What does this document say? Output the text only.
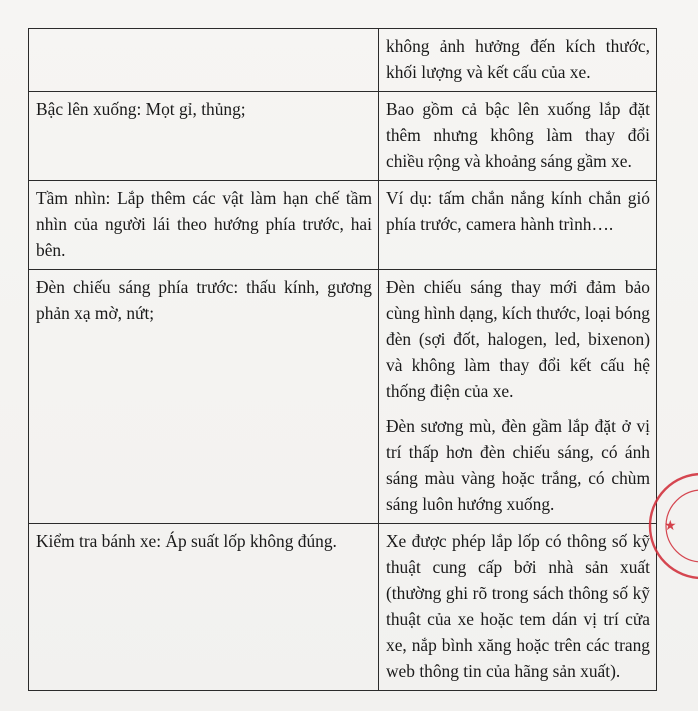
	không ảnh hưởng đến kích thước, khối lượng và kết cấu của xe.

Bậc lên xuống: Mọt gỉ, thủng;	Bao gồm cả bậc lên xuống lắp đặt thêm nhưng không làm thay đổi chiều rộng và khoảng sáng gầm xe.

Tầm nhìn: Lắp thêm các vật làm hạn chế tầm nhìn của người lái theo hướng phía trước, hai bên.	Ví dụ: tấm chắn nắng kính chắn gió phía trước, camera hành trình….

Đèn chiếu sáng phía trước: thấu kính, gương phản xạ mờ, nứt;	Đèn chiếu sáng thay mới đảm bảo cùng hình dạng, kích thước, loại bóng đèn (sợi đốt, halogen, led, bixenon) và không làm thay đổi kết cấu hệ thống điện của xe.

Đèn sương mù, đèn gầm lắp đặt ở vị trí thấp hơn đèn chiếu sáng, có ánh sáng màu vàng hoặc trắng, có chùm sáng luôn hướng xuống.

Kiểm tra bánh xe: Áp suất lốp không đúng.	Xe được phép lắp lốp có thông số kỹ thuật cung cấp bởi nhà sản xuất (thường ghi rõ trong sách thông số kỹ thuật của xe hoặc tem dán vị trí cửa xe, nắp bình xăng hoặc trên các trang web thông tin của hãng sản xuất).

★
